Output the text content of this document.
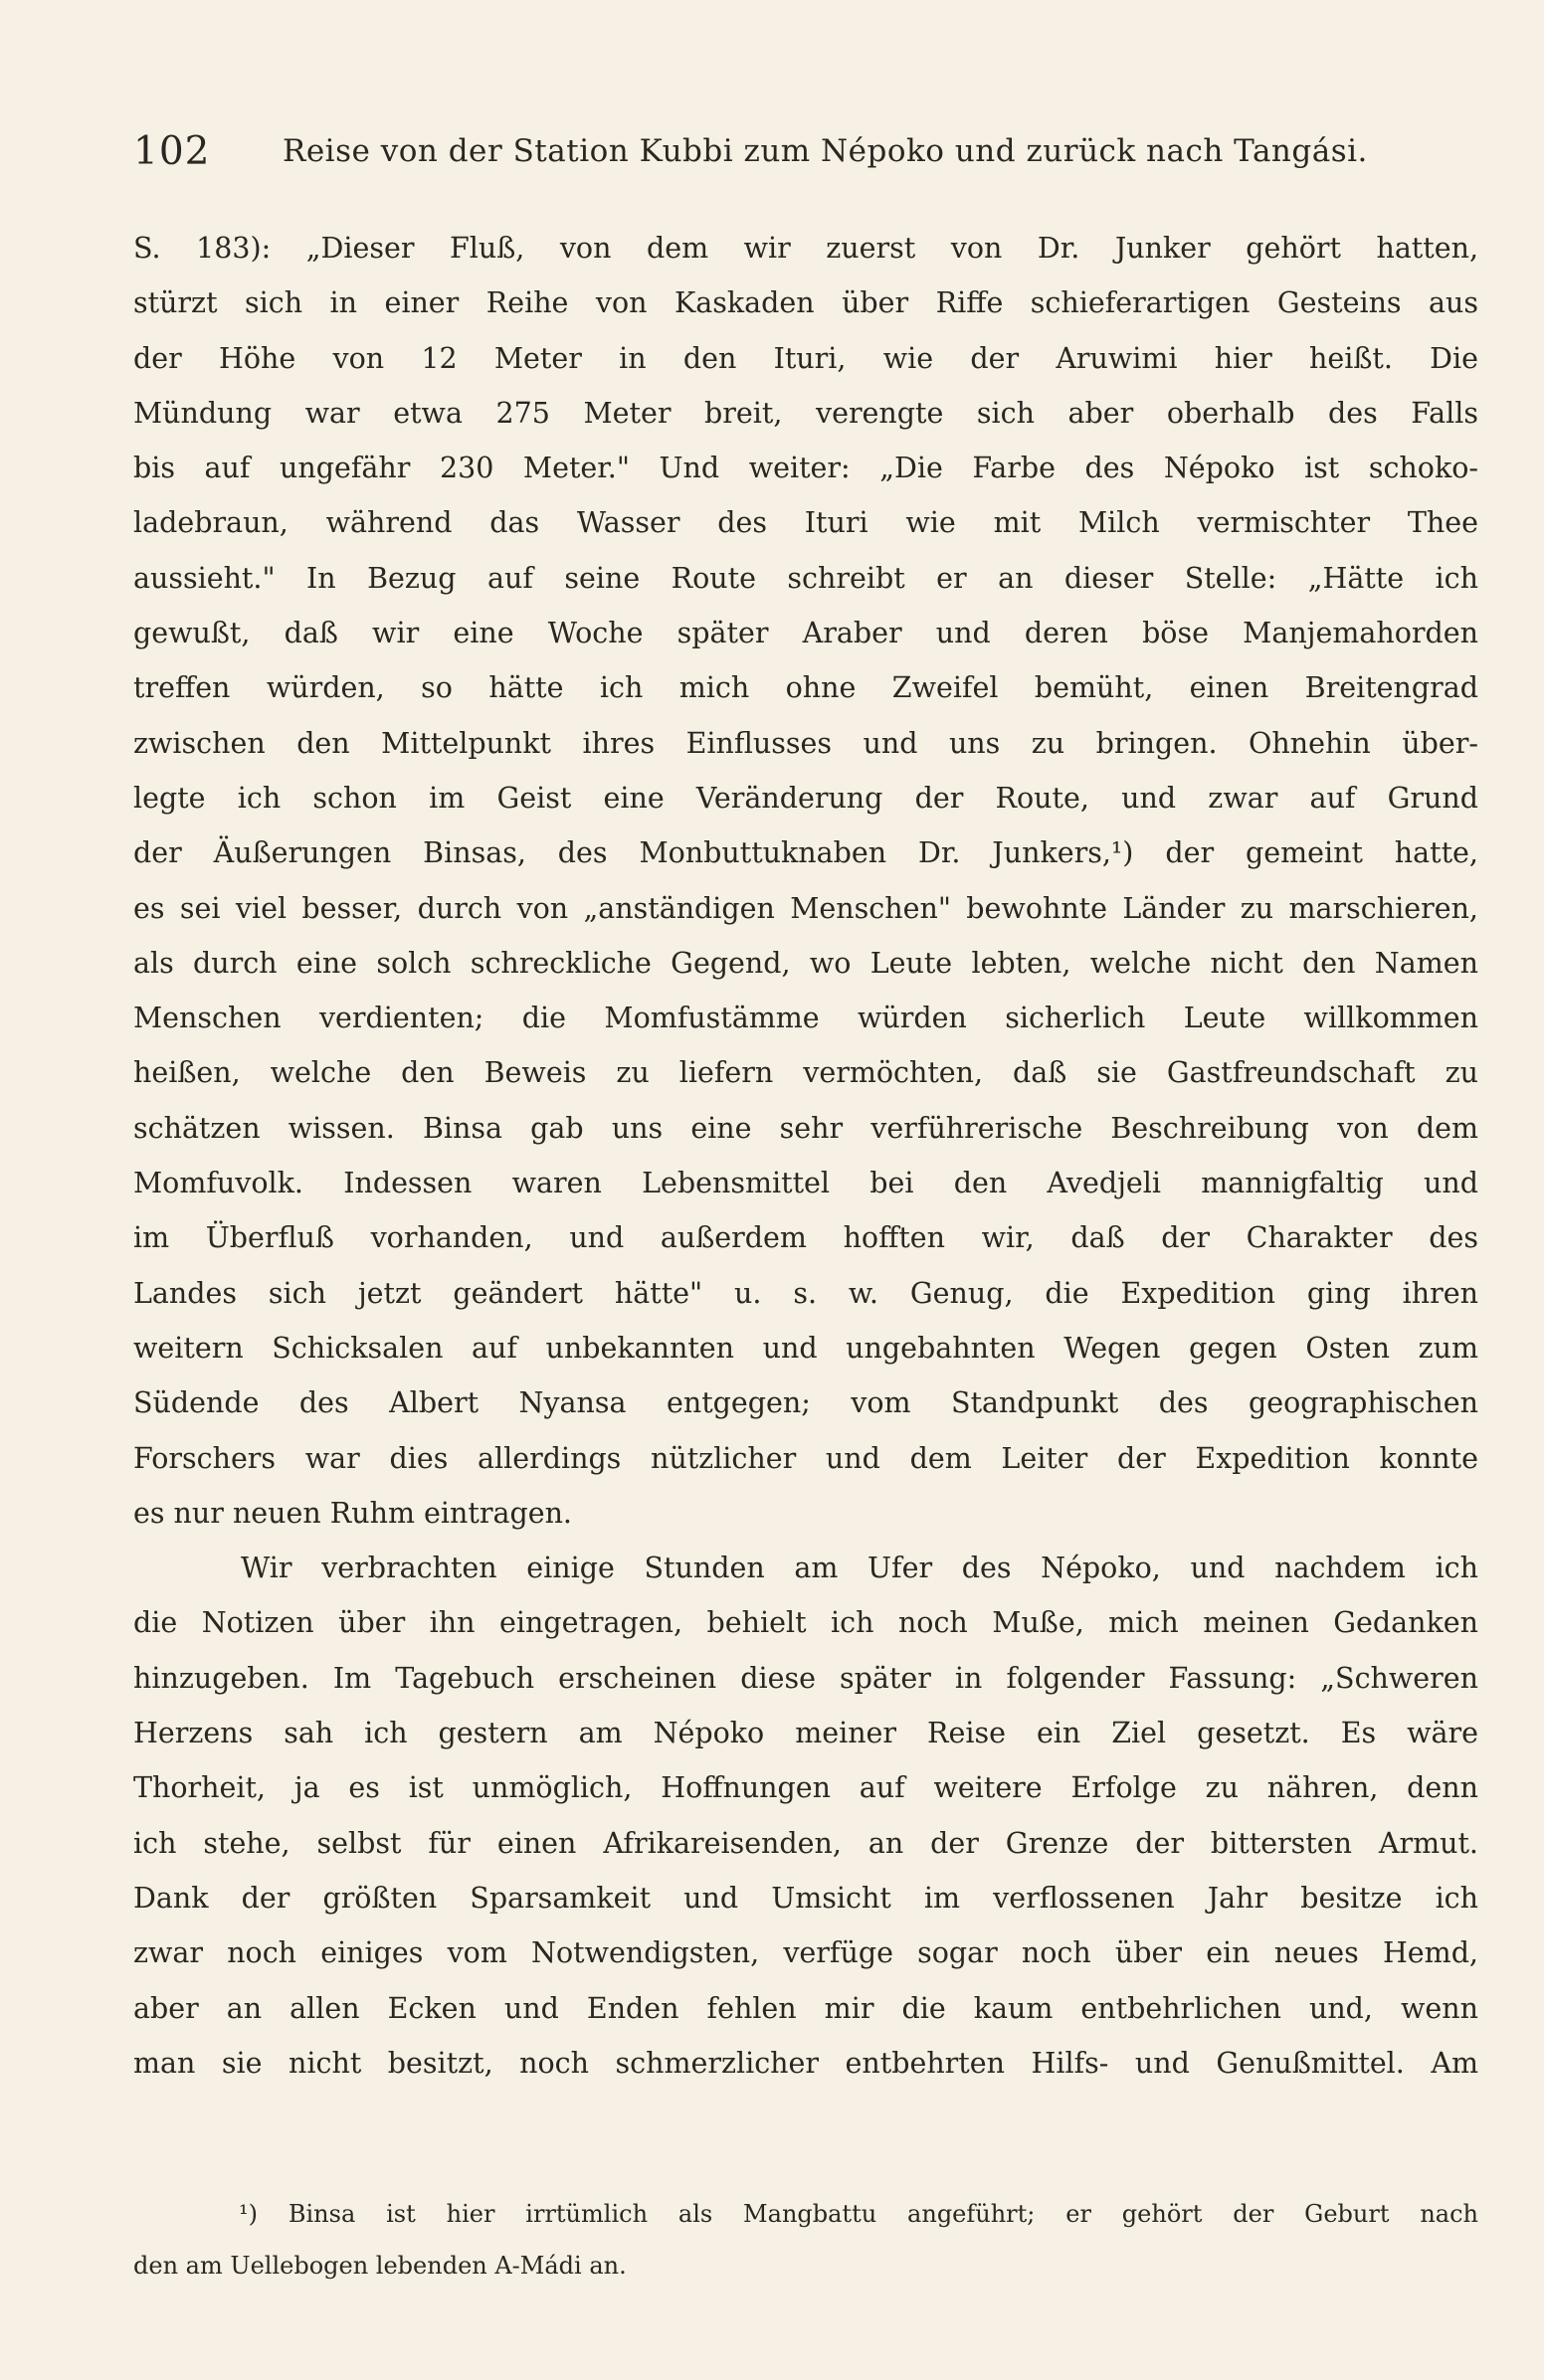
102 Reise von der Station Kubbi zum Népoko und zurück nach Tangási.
S. 183): „Dieser Fluß, von dem wir zuerst von Dr. Junker gehört hatten,
stürzt sich in einer Reihe von Kaskaden über Riffe schieferartigen Gesteins aus
der Höhe von 12 Meter in den Ituri, wie der Aruwimi hier heißt. Die
Mündung war etwa 275 Meter breit, verengte sich aber oberhalb des Falls
bis auf ungefähr 230 Meter." Und weiter: „Die Farbe des Népoko ist schoko-
ladebraun, während das Wasser des Ituri wie mit Milch vermischter Thee
aussieht." In Bezug auf seine Route schreibt er an dieser Stelle: „Hätte ich
gewußt, daß wir eine Woche später Araber und deren böse Manjemahorden
treffen würden, so hätte ich mich ohne Zweifel bemüht, einen Breitengrad
zwischen den Mittelpunkt ihres Einflusses und uns zu bringen. Ohnehin über-
legte ich schon im Geist eine Veränderung der Route, und zwar auf Grund
der Äußerungen Binsas, des Monbuttuknaben Dr. Junkers,¹) der gemeint hatte,
es sei viel besser, durch von „anständigen Menschen" bewohnte Länder zu marschieren,
als durch eine solch schreckliche Gegend, wo Leute lebten, welche nicht den Namen
Menschen verdienten; die Momfustämme würden sicherlich Leute willkommen
heißen, welche den Beweis zu liefern vermöchten, daß sie Gastfreundschaft zu
schätzen wissen. Binsa gab uns eine sehr verführerische Beschreibung von dem
Momfuvolk. Indessen waren Lebensmittel bei den Avedjeli mannigfaltig und
im Überfluß vorhanden, und außerdem hofften wir, daß der Charakter des
Landes sich jetzt geändert hätte" u. s. w. Genug, die Expedition ging ihren
weitern Schicksalen auf unbekannten und ungebahnten Wegen gegen Osten zum
Südende des Albert Nyansa entgegen; vom Standpunkt des geographischen
Forschers war dies allerdings nützlicher und dem Leiter der Expedition konnte
es nur neuen Ruhm eintragen.
Wir verbrachten einige Stunden am Ufer des Népoko, und nachdem ich
die Notizen über ihn eingetragen, behielt ich noch Muße, mich meinen Gedanken
hinzugeben. Im Tagebuch erscheinen diese später in folgender Fassung: „Schweren
Herzens sah ich gestern am Népoko meiner Reise ein Ziel gesetzt. Es wäre
Thorheit, ja es ist unmöglich, Hoffnungen auf weitere Erfolge zu nähren, denn
ich stehe, selbst für einen Afrikareisenden, an der Grenze der bittersten Armut.
Dank der größten Sparsamkeit und Umsicht im verflossenen Jahr besitze ich
zwar noch einiges vom Notwendigsten, verfüge sogar noch über ein neues Hemd,
aber an allen Ecken und Enden fehlen mir die kaum entbehrlichen und, wenn
man sie nicht besitzt, noch schmerzlicher entbehrten Hilfs- und Genußmittel. Am
¹) Binsa ist hier irrtümlich als Mangbattu angeführt; er gehört der Geburt nach
den am Uellebogen lebenden A-Mádi an.
